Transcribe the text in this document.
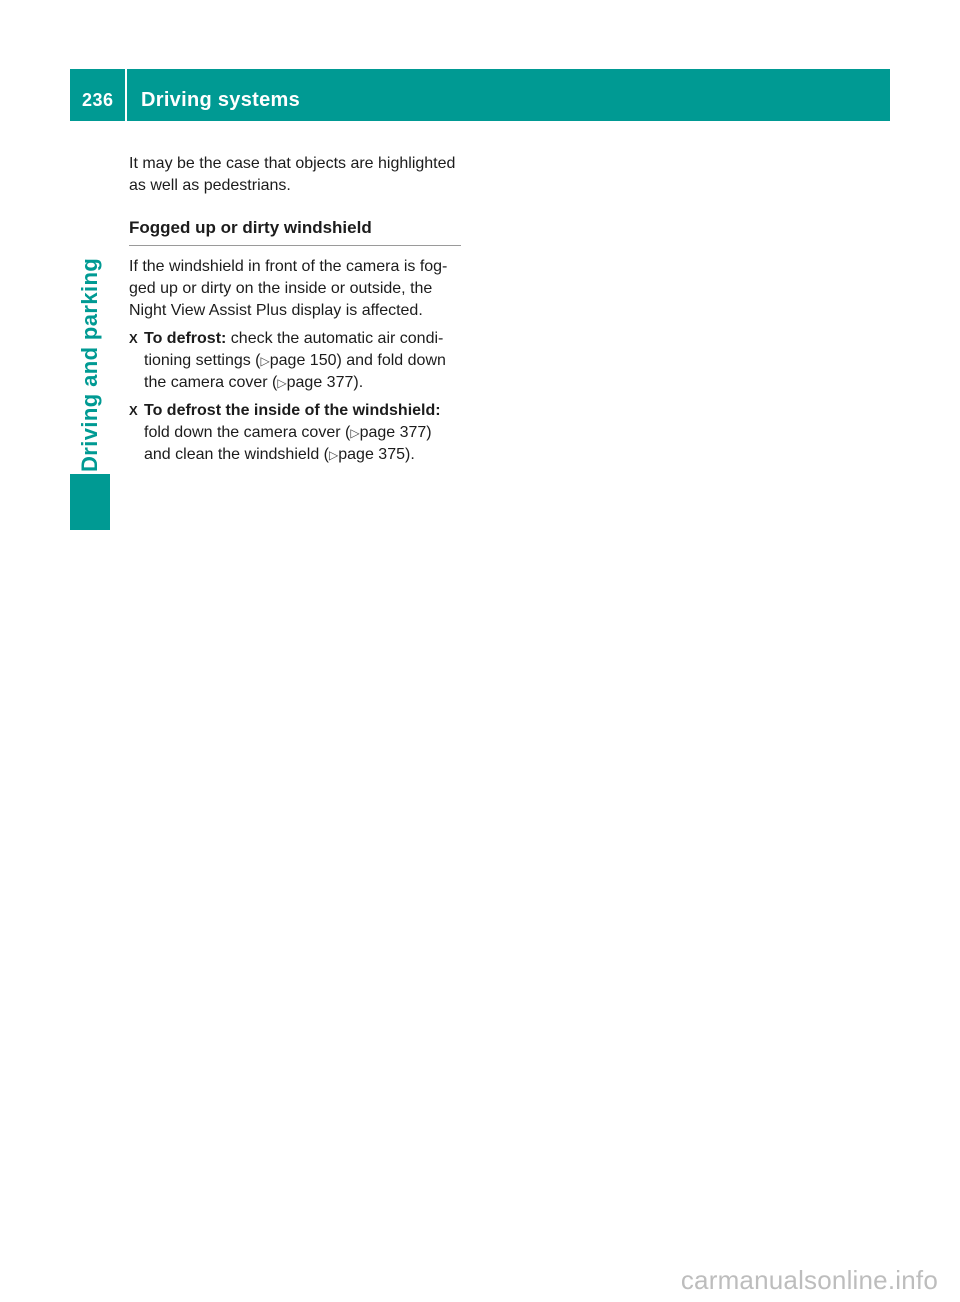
236 Driving systems
Driving and parking

It may be the case that objects are highlighted
as well as pedestrians.

Fogged up or dirty windshield

If the windshield in front of the camera is fog-
ged up or dirty on the inside or outside, the
Night View Assist Plus display is affected.

X To defrost: check the automatic air condi-
tioning settings (▷page 150) and fold down
the camera cover (▷page 377).
X To defrost the inside of the windshield:
fold down the camera cover (▷page 377)
and clean the windshield (▷page 375).
carmanualsonline.info
